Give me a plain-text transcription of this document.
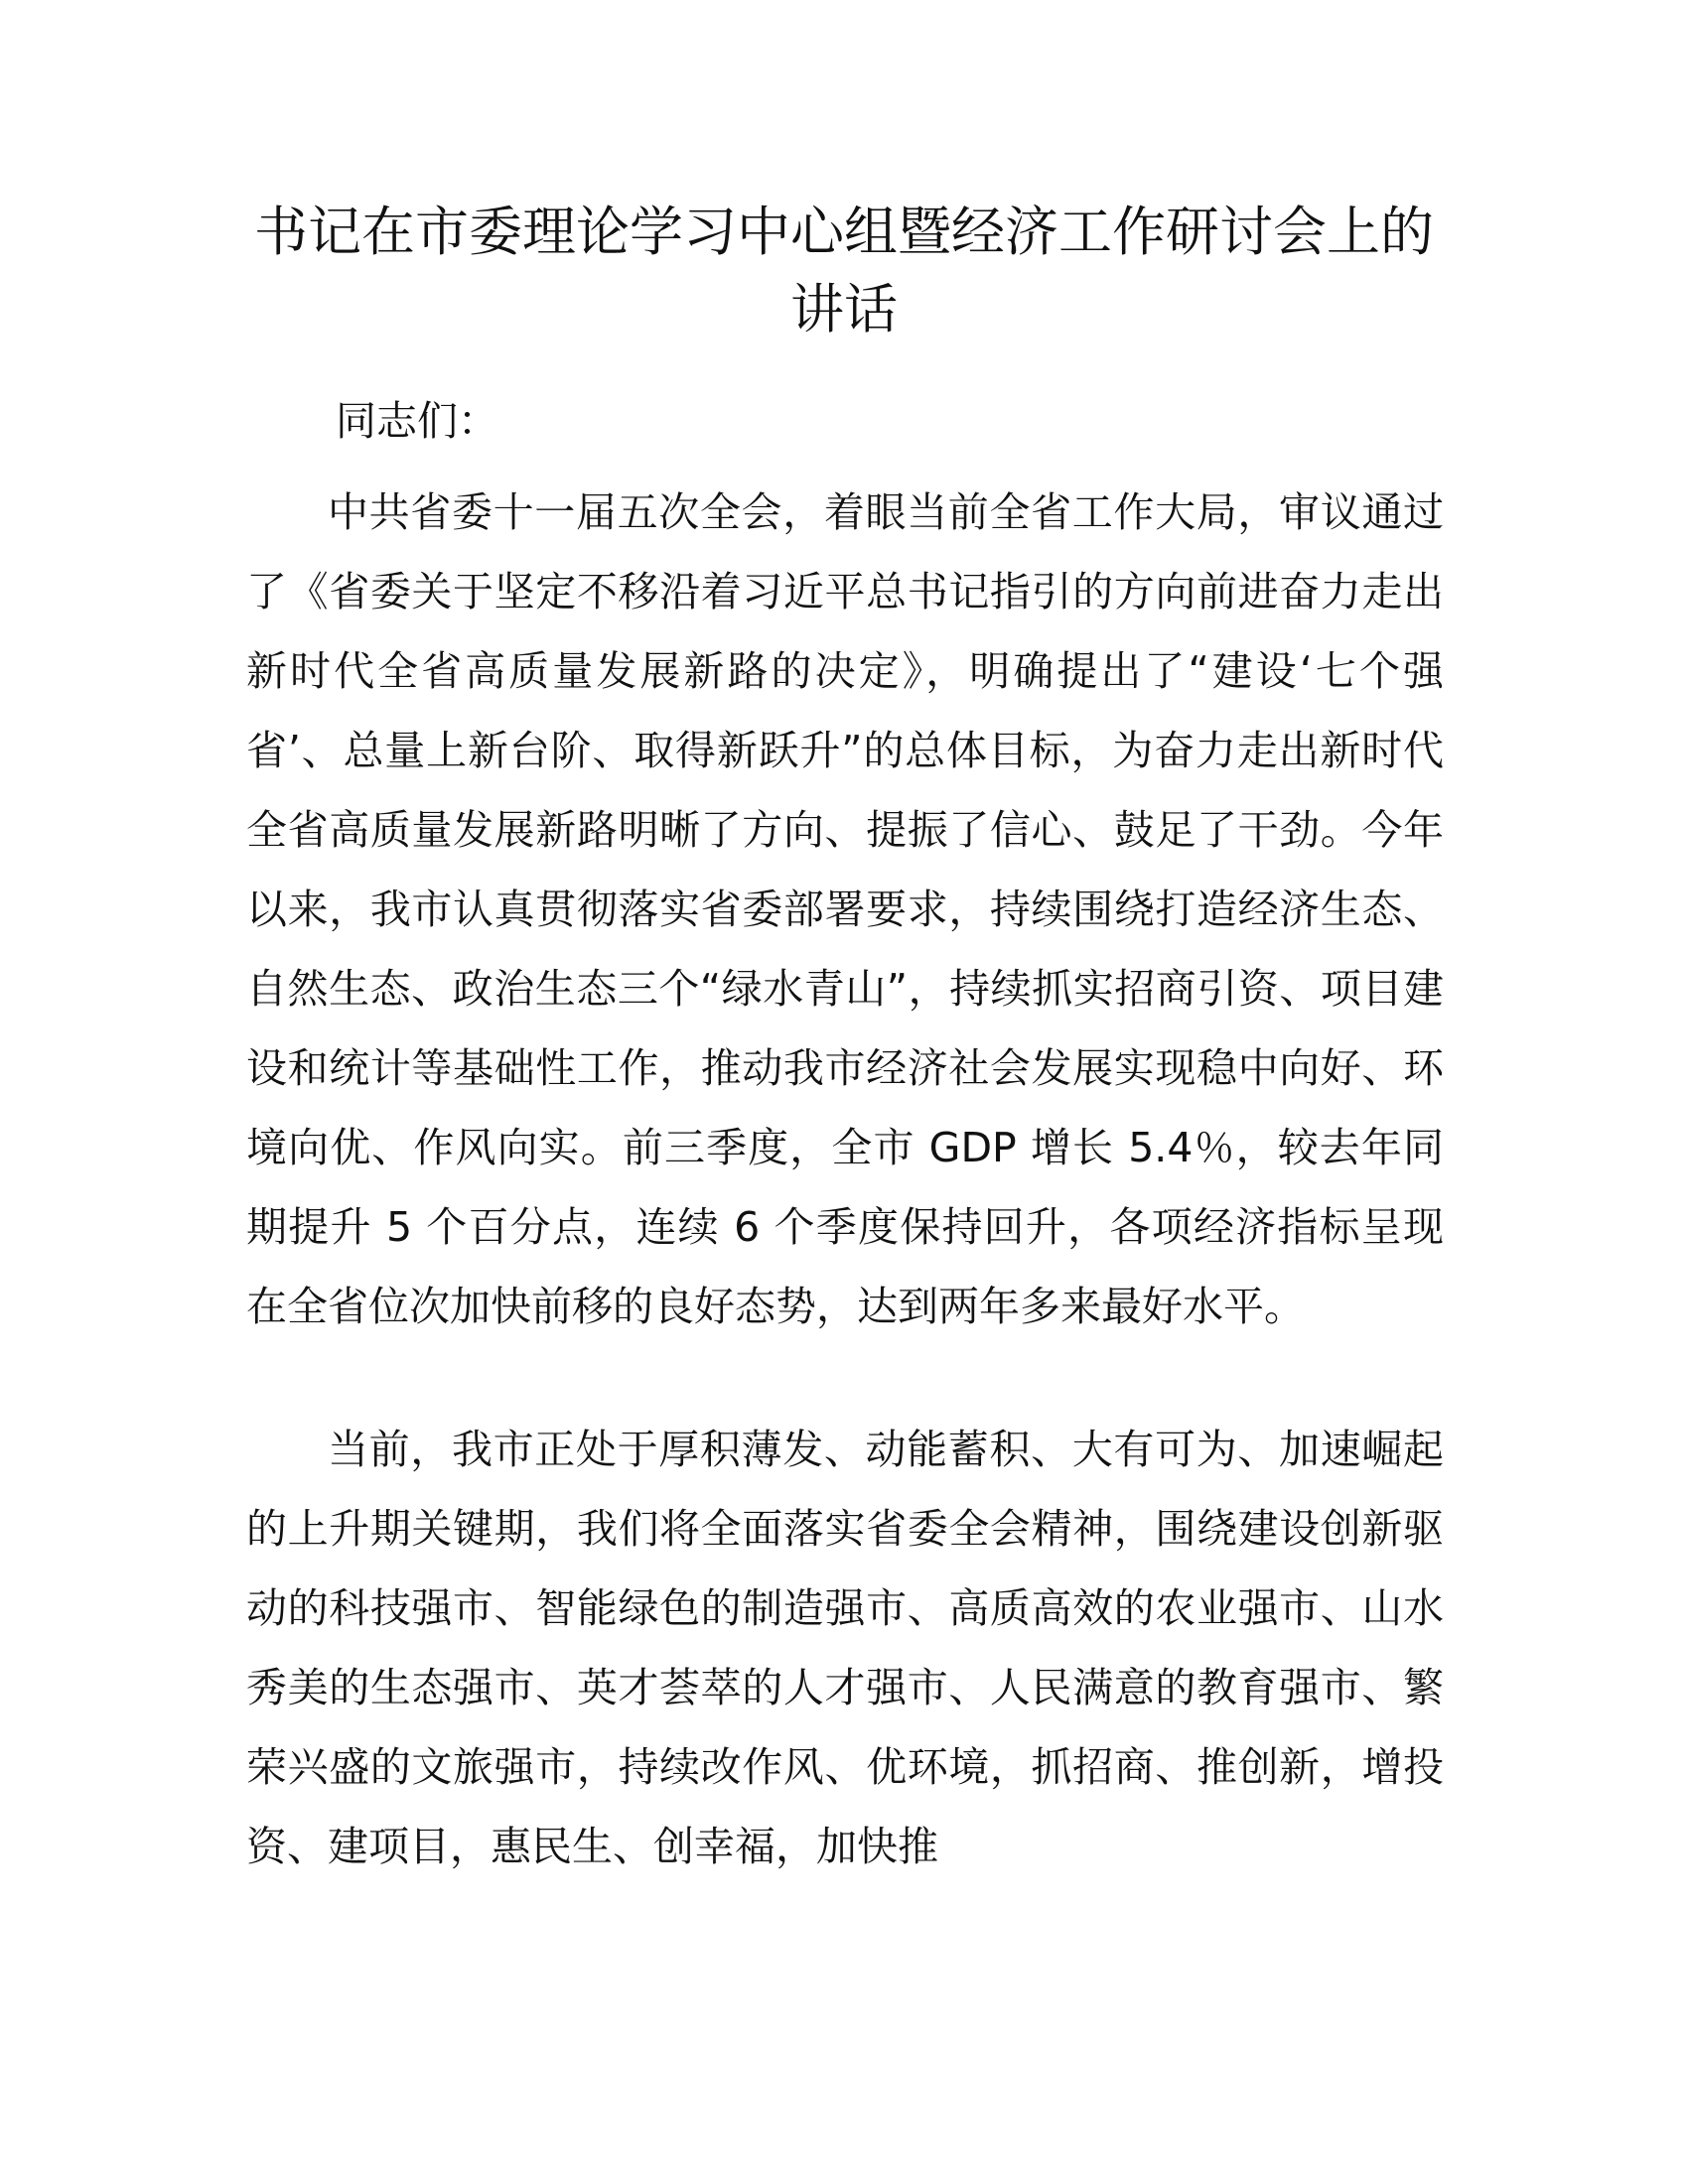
书记在市委理论学习中心组暨经济工作研讨会上的讲话

同志们：

中共省委十一届五次全会，着眼当前全省工作大局，审议通过了《省委关于坚定不移沿着习近平总书记指引的方向前进奋力走出新时代全省高质量发展新路的决定》，明确提出了“建设‘七个强省’、总量上新台阶、取得新跃升”的总体目标，为奋力走出新时代全省高质量发展新路明晰了方向、提振了信心、鼓足了干劲。今年以来，我市认真贯彻落实省委部署要求，持续围绕打造经济生态、自然生态、政治生态三个“绿水青山”，持续抓实招商引资、项目建设和统计等基础性工作，推动我市经济社会发展实现稳中向好、环境向优、作风向实。前三季度，全市 GDP 增长 5.4％，较去年同期提升 5 个百分点，连续 6 个季度保持回升，各项经济指标呈现在全省位次加快前移的良好态势，达到两年多来最好水平。

当前，我市正处于厚积薄发、动能蓄积、大有可为、加速崛起的上升期关键期，我们将全面落实省委全会精神，围绕建设创新驱动的科技强市、智能绿色的制造强市、高质高效的农业强市、山水秀美的生态强市、英才荟萃的人才强市、人民满意的教育强市、繁荣兴盛的文旅强市，持续改作风、优环境，抓招商、推创新，增投资、建项目，惠民生、创幸福，加快推
